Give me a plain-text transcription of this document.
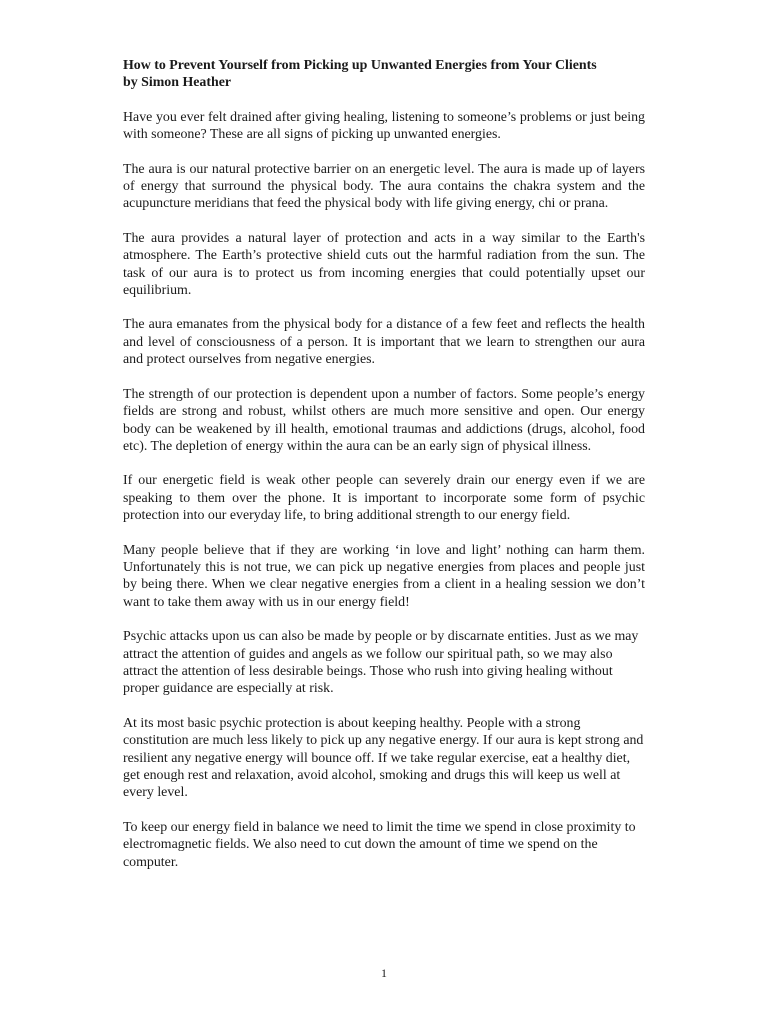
How to Prevent Yourself from Picking up Unwanted Energies from Your Clients
by Simon Heather

Have you ever felt drained after giving healing, listening to someone’s problems or just being with someone? These are all signs of picking up unwanted energies.

The aura is our natural protective barrier on an energetic level. The aura is made up of layers of energy that surround the physical body. The aura contains the chakra system and the acupuncture meridians that feed the physical body with life giving energy, chi or prana.

The aura provides a natural layer of protection and acts in a way similar to the Earth's atmosphere. The Earth’s protective shield cuts out the harmful radiation from the sun. The task of our aura is to protect us from incoming energies that could potentially upset our equilibrium.

The aura emanates from the physical body for a distance of a few feet and reflects the health and level of consciousness of a person. It is important that we learn to strengthen our aura and protect ourselves from negative energies.

The strength of our protection is dependent upon a number of factors. Some people’s energy fields are strong and robust, whilst others are much more sensitive and open. Our energy body can be weakened by ill health, emotional traumas and addictions (drugs, alcohol, food etc). The depletion of energy within the aura can be an early sign of physical illness.

If our energetic field is weak other people can severely drain our energy even if we are speaking to them over the phone. It is important to incorporate some form of psychic protection into our everyday life, to bring additional strength to our energy field.

Many people believe that if they are working ‘in love and light’ nothing can harm them. Unfortunately this is not true, we can pick up negative energies from places and people just by being there. When we clear negative energies from a client in a healing session we don’t want to take them away with us in our energy field!

Psychic attacks upon us can also be made by people or by discarnate entities. Just as we may attract the attention of guides and angels as we follow our spiritual path, so we may also attract the attention of less desirable beings. Those who rush into giving healing without proper guidance are especially at risk.

At its most basic psychic protection is about keeping healthy. People with a strong constitution are much less likely to pick up any negative energy. If our aura is kept strong and resilient any negative energy will bounce off. If we take regular exercise, eat a healthy diet, get enough rest and relaxation, avoid alcohol, smoking and drugs this will keep us well at every level.

To keep our energy field in balance we need to limit the time we spend in close proximity to electromagnetic fields. We also need to cut down the amount of time we spend on the computer.

1
